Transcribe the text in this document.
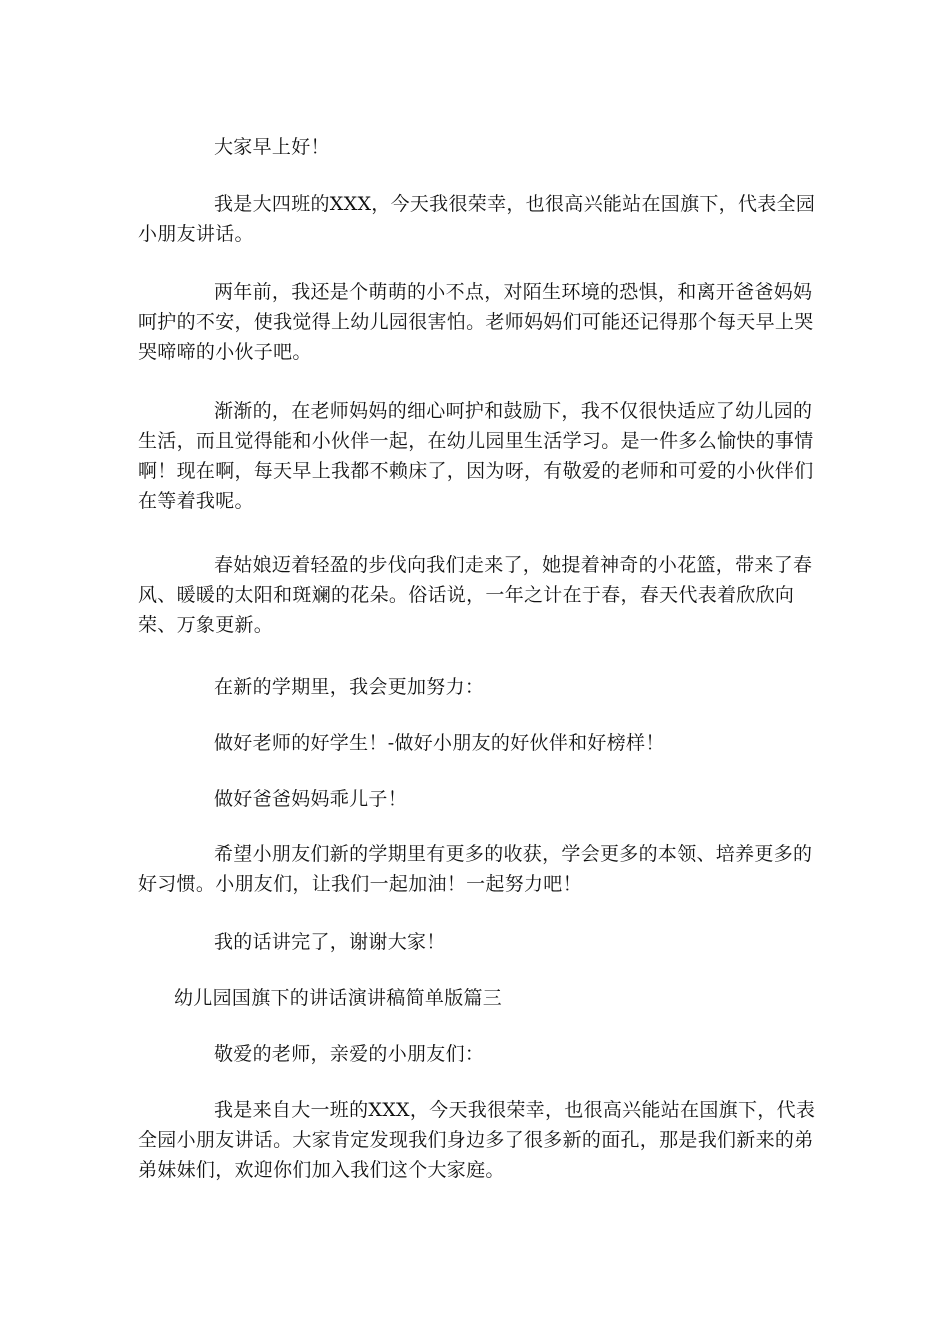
大家早上好！

我是大四班的XXX，今天我很荣幸，也很高兴能站在国旗下，代表全园小朋友讲话。

两年前，我还是个萌萌的小不点，对陌生环境的恐惧，和离开爸爸妈妈呵护的不安，使我觉得上幼儿园很害怕。老师妈妈们可能还记得那个每天早上哭哭啼啼的小伙子吧。

渐渐的，在老师妈妈的细心呵护和鼓励下，我不仅很快适应了幼儿园的生活，而且觉得能和小伙伴一起，在幼儿园里生活学习。是一件多么愉快的事情啊！现在啊，每天早上我都不赖床了，因为呀，有敬爱的老师和可爱的小伙伴们在等着我呢。

春姑娘迈着轻盈的步伐向我们走来了，她提着神奇的小花篮，带来了春风、暖暖的太阳和斑斓的花朵。俗话说，一年之计在于春，春天代表着欣欣向荣、万象更新。

在新的学期里，我会更加努力：

做好老师的好学生！-做好小朋友的好伙伴和好榜样！

做好爸爸妈妈乖儿子！

希望小朋友们新的学期里有更多的收获，学会更多的本领、培养更多的好习惯。小朋友们，让我们一起加油！一起努力吧！

我的话讲完了，谢谢大家！

幼儿园国旗下的讲话演讲稿简单版篇三

敬爱的老师，亲爱的小朋友们：

我是来自大一班的XXX，今天我很荣幸，也很高兴能站在国旗下，代表全园小朋友讲话。大家肯定发现我们身边多了很多新的面孔，那是我们新来的弟弟妹妹们，欢迎你们加入我们这个大家庭。
